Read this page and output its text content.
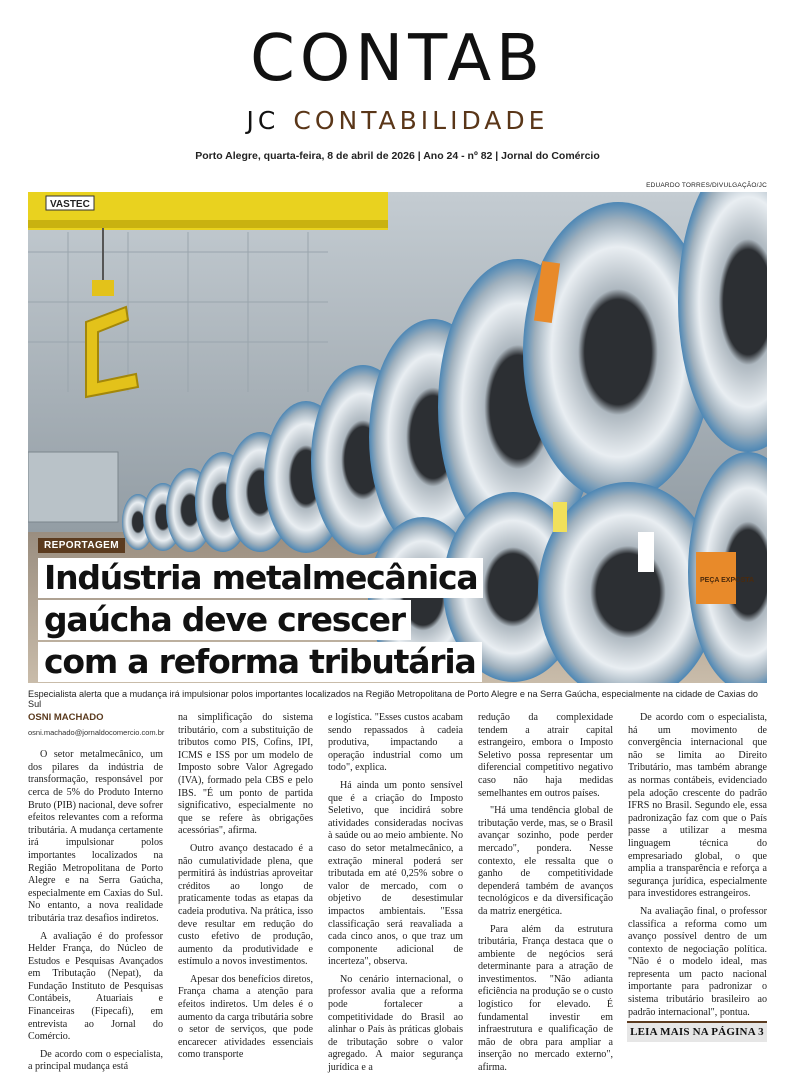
CONTAB
JC CONTABILIDADE
Porto Alegre, quarta-feira, 8 de abril de 2026 | Ano 24 - nº 82 | Jornal do Comércio
EDUARDO TORRES/DIVULGAÇÃO/JC
VASTEC
PEÇA EXPOSTA
REPORTAGEM
Indústria metalmecânica
gaúcha deve crescer
com a reforma tributária
Especialista alerta que a mudança irá impulsionar polos importantes localizados na Região Metropolitana de Porto Alegre e na Serra Gaúcha, especialmente na cidade de Caxias do Sul
OSNI MACHADO
osni.machado@jornaldocomercio.com.br

O setor metalmecânico, um dos pilares da indústria de transformação, responsável por cerca de 5% do Produto Interno Bruto (PIB) nacional, deve sofrer efeitos relevantes com a reforma tributária. A mudança certamente irá impulsionar polos importantes localizados na Região Metropolitana de Porto Alegre e na Serra Gaúcha, especialmente em Caxias do Sul. No entanto, a nova realidade tributária traz desafios indiretos.

A avaliação é do professor Helder França, do Núcleo de Estudos e Pesquisas Avançados em Tributação (Nepat), da Fundação Instituto de Pesquisas Contábeis, Atuariais e Financeiras (Fipecafi), em entrevista ao Jornal do Comércio.

De acordo com o especialista, a principal mudança está

na simplificação do sistema tributário, com a substituição de tributos como PIS, Cofins, IPI, ICMS e ISS por um modelo de Imposto sobre Valor Agregado (IVA), formado pela CBS e pelo IBS. "É um ponto de partida significativo, especialmente no que se refere às obrigações acessórias", afirma.

Outro avanço destacado é a não cumulatividade plena, que permitirá às indústrias aproveitar créditos ao longo de praticamente todas as etapas da cadeia produtiva. Na prática, isso deve resultar em redução do custo efetivo de produção, aumento da produtividade e estímulo a novos investimentos.

Apesar dos benefícios diretos, França chama a atenção para efeitos indiretos. Um deles é o aumento da carga tributária sobre o setor de serviços, que pode encarecer atividades essenciais como transporte

e logística. "Esses custos acabam sendo repassados à cadeia produtiva, impactando a operação industrial como um todo", explica.

Há ainda um ponto sensível que é a criação do Imposto Seletivo, que incidirá sobre atividades consideradas nocivas à saúde ou ao meio ambiente. No caso do setor metalmecânico, a extração mineral poderá ser tributada em até 0,25% sobre o valor de mercado, com o objetivo de desestimular impactos ambientais. "Essa classificação será reavaliada a cada cinco anos, o que traz um componente adicional de incerteza", observa.

No cenário internacional, o professor avalia que a reforma pode fortalecer a competitividade do Brasil ao alinhar o País às práticas globais de tributação sobre o valor agregado. A maior segurança jurídica e a

redução da complexidade tendem a atrair capital estrangeiro, embora o Imposto Seletivo possa representar um diferencial competitivo negativo caso não haja medidas semelhantes em outros países.

"Há uma tendência global de tributação verde, mas, se o Brasil avançar sozinho, pode perder mercado", pondera. Nesse contexto, ele ressalta que o ganho de competitividade dependerá também de avanços tecnológicos e da diversificação da matriz energética.

Para além da estrutura tributária, França destaca que o ambiente de negócios será determinante para a atração de investimentos. "Não adianta eficiência na produção se o custo logístico for elevado. É fundamental investir em infraestrutura e qualificação de mão de obra para ampliar a inserção no mercado externo", afirma.

De acordo com o especialista, há um movimento de convergência internacional que não se limita ao Direito Tributário, mas também abrange as normas contábeis, evidenciado pela adoção crescente do padrão IFRS no Brasil. Segundo ele, essa padronização faz com que o País passe a utilizar a mesma linguagem técnica do empresariado global, o que amplia a transparência e reforça a segurança jurídica, especialmente para investidores estrangeiros.

Na avaliação final, o professor classifica a reforma como um avanço possível dentro de um contexto de negociação política. "Não é o modelo ideal, mas representa um pacto nacional importante para padronizar o sistema tributário brasileiro ao padrão internacional", pontua.

LEIA MAIS NA PÁGINA 3
